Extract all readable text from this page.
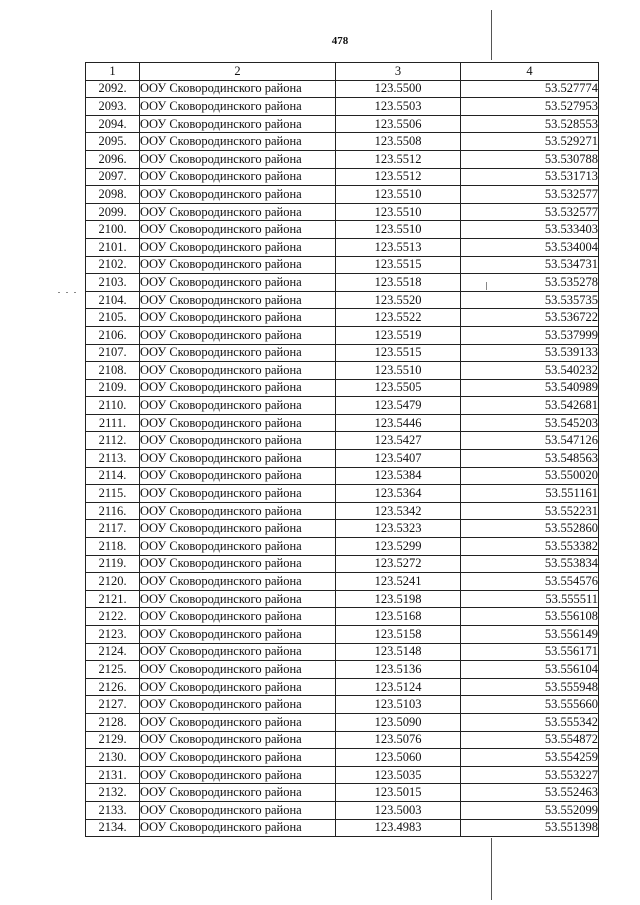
478
1	2	3	4
2092.	ООУ Сковородинского района	123.5500	53.527774
2093.	ООУ Сковородинского района	123.5503	53.527953
2094.	ООУ Сковородинского района	123.5506	53.528553
2095.	ООУ Сковородинского района	123.5508	53.529271
2096.	ООУ Сковородинского района	123.5512	53.530788
2097.	ООУ Сковородинского района	123.5512	53.531713
2098.	ООУ Сковородинского района	123.5510	53.532577
2099.	ООУ Сковородинского района	123.5510	53.532577
2100.	ООУ Сковородинского района	123.5510	53.533403
2101.	ООУ Сковородинского района	123.5513	53.534004
2102.	ООУ Сковородинского района	123.5515	53.534731
2103.	ООУ Сковородинского района	123.5518	53.535278
2104.	ООУ Сковородинского района	123.5520	53.535735
2105.	ООУ Сковородинского района	123.5522	53.536722
2106.	ООУ Сковородинского района	123.5519	53.537999
2107.	ООУ Сковородинского района	123.5515	53.539133
2108.	ООУ Сковородинского района	123.5510	53.540232
2109.	ООУ Сковородинского района	123.5505	53.540989
2110.	ООУ Сковородинского района	123.5479	53.542681
2111.	ООУ Сковородинского района	123.5446	53.545203
2112.	ООУ Сковородинского района	123.5427	53.547126
2113.	ООУ Сковородинского района	123.5407	53.548563
2114.	ООУ Сковородинского района	123.5384	53.550020
2115.	ООУ Сковородинского района	123.5364	53.551161
2116.	ООУ Сковородинского района	123.5342	53.552231
2117.	ООУ Сковородинского района	123.5323	53.552860
2118.	ООУ Сковородинского района	123.5299	53.553382
2119.	ООУ Сковородинского района	123.5272	53.553834
2120.	ООУ Сковородинского района	123.5241	53.554576
2121.	ООУ Сковородинского района	123.5198	53.555511
2122.	ООУ Сковородинского района	123.5168	53.556108
2123.	ООУ Сковородинского района	123.5158	53.556149
2124.	ООУ Сковородинского района	123.5148	53.556171
2125.	ООУ Сковородинского района	123.5136	53.556104
2126.	ООУ Сковородинского района	123.5124	53.555948
2127.	ООУ Сковородинского района	123.5103	53.555660
2128.	ООУ Сковородинского района	123.5090	53.555342
2129.	ООУ Сковородинского района	123.5076	53.554872
2130.	ООУ Сковородинского района	123.5060	53.554259
2131.	ООУ Сковородинского района	123.5035	53.553227
2132.	ООУ Сковородинского района	123.5015	53.552463
2133.	ООУ Сковородинского района	123.5003	53.552099
2134.	ООУ Сковородинского района	123.4983	53.551398
